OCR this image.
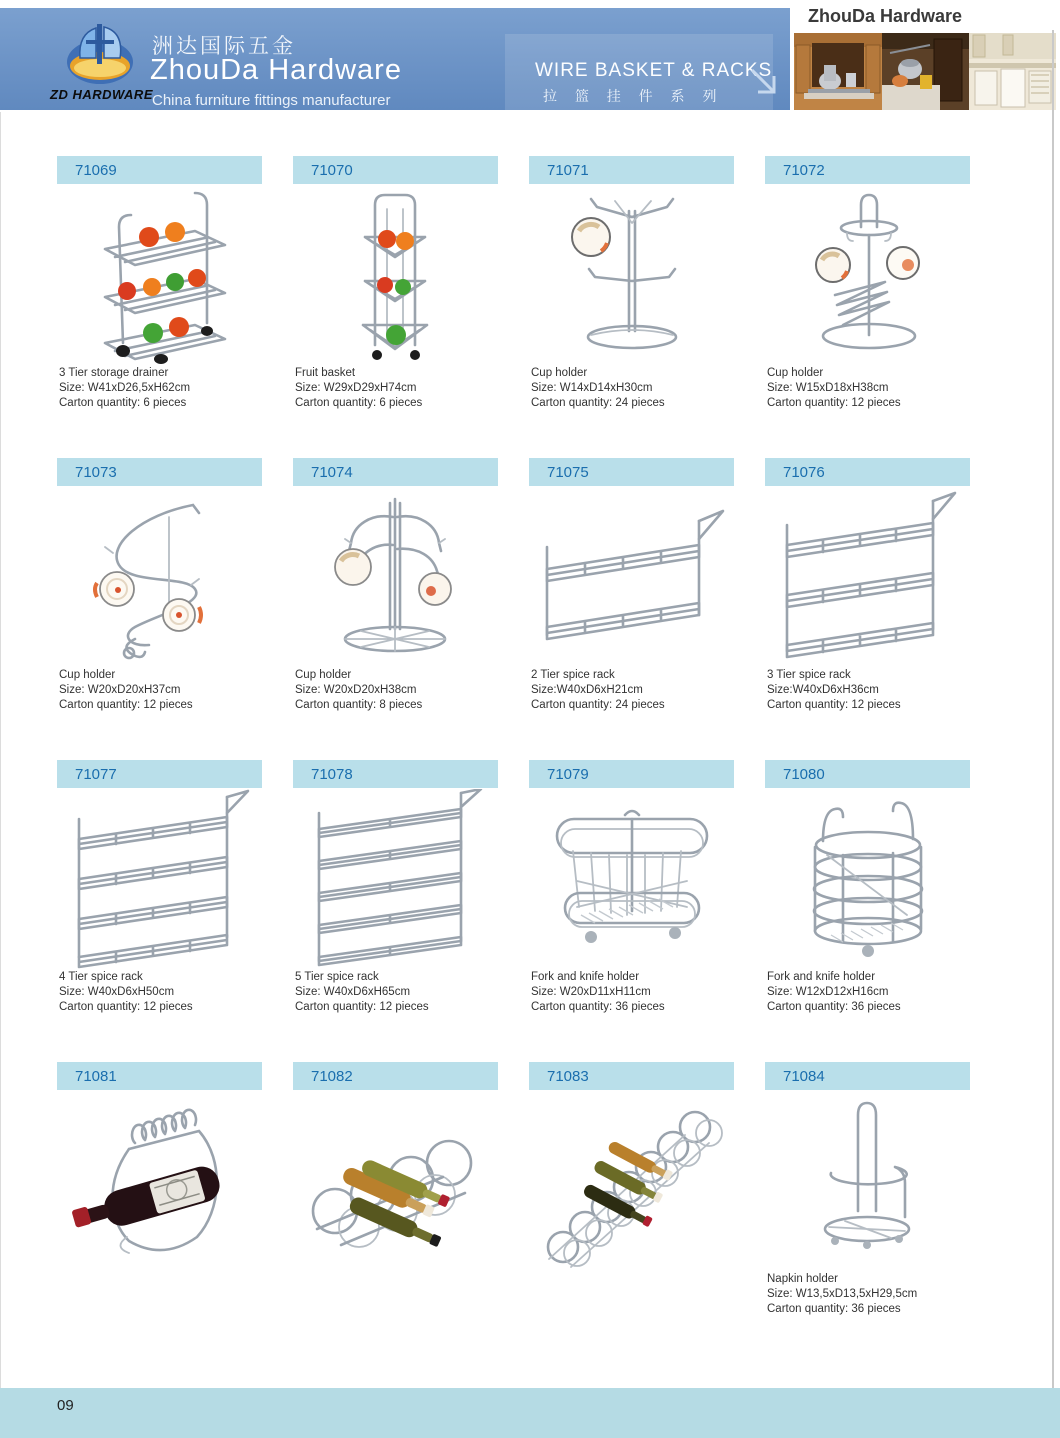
ZD HARDWARE
洲达国际五金
ZhouDa Hardware
China furniture fittings manufacturer
WIRE BASKET & RACKS
拉 篮 挂 件 系 列
ZhouDa Hardware
71069
3 Tier storage drainer
Size: W41xD26,5xH62cm
Carton quantity: 6 pieces
71070
Fruit basket
Size: W29xD29xH74cm
Carton quantity: 6 pieces
71071
Cup holder
Size: W14xD14xH30cm
Carton quantity: 24 pieces
71072
Cup holder
Size: W15xD18xH38cm
Carton quantity: 12 pieces
71073
Cup holder
Size: W20xD20xH37cm
Carton quantity: 12 pieces
71074
Cup holder
Size: W20xD20xH38cm
Carton quantity: 8 pieces
71075
2 Tier spice rack
Size:W40xD6xH21cm
Carton quantity: 24 pieces
71076
3 Tier spice rack
Size:W40xD6xH36cm
Carton quantity: 12 pieces
71077
4 Tier spice rack
Size: W40xD6xH50cm
Carton quantity: 12 pieces
71078
5 Tier spice rack
Size: W40xD6xH65cm
Carton quantity: 12 pieces
71079
Fork and knife holder
Size: W20xD11xH11cm
Carton quantity: 36 pieces
71080
Fork and knife holder
Size: W12xD12xH16cm
Carton quantity: 36 pieces
71081	71082	71083	71084
Napkin holder
Size: W13,5xD13,5xH29,5cm
Carton quantity: 36 pieces
09
